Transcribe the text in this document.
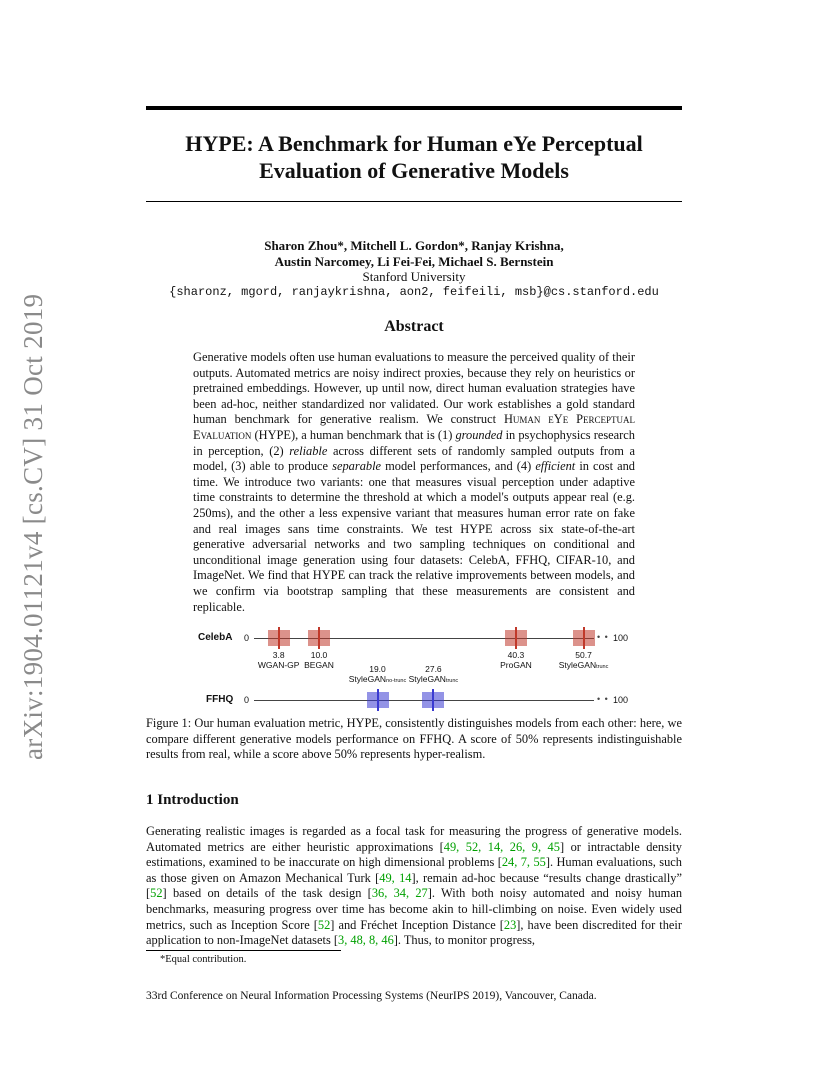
arXiv:1904.01121v4 [cs.CV] 31 Oct 2019
HYPE: A Benchmark for Human eYe Perceptual
Evaluation of Generative Models
Sharon Zhou*, Mitchell L. Gordon*, Ranjay Krishna,
Austin Narcomey, Li Fei-Fei, Michael S. Bernstein
Stanford University
{sharonz, mgord, ranjaykrishna, aon2, feifeili, msb}@cs.stanford.edu
Abstract
Generative models often use human evaluations to measure the perceived quality of their outputs. Automated metrics are noisy indirect proxies, because they rely on heuristics or pretrained embeddings. However, up until now, direct human evaluation strategies have been ad-hoc, neither standardized nor validated. Our work establishes a gold standard human benchmark for generative realism. We construct Human eYe Perceptual Evaluation (HYPE), a human benchmark that is (1) grounded in psychophysics research in perception, (2) reliable across different sets of randomly sampled outputs from a model, (3) able to produce separable model performances, and (4) efficient in cost and time. We introduce two variants: one that measures visual perception under adaptive time constraints to determine the threshold at which a model's outputs appear real (e.g. 250ms), and the other a less expensive variant that measures human error rate on fake and real images sans time constraints. We test HYPE across six state-of-the-art generative adversarial networks and two sampling techniques on conditional and unconditional image generation using four datasets: CelebA, FFHQ, CIFAR-10, and ImageNet. We find that HYPE can track the relative improvements between models, and we confirm via bootstrap sampling that these measurements are consistent and replicable.
CelebA 0	• • 100
FFHQ 0	• • 100
3.8
WGAN-GP
10.0
BEGAN
40.3
ProGAN
50.7
StyleGANtrunc
19.0
StyleGANno-trunc
27.6
StyleGANtrunc
Figure 1: Our human evaluation metric, HYPE, consistently distinguishes models from each other: here, we compare different generative models performance on FFHQ. A score of 50% represents indistinguishable results from real, while a score above 50% represents hyper-realism.
1 Introduction
Generating realistic images is regarded as a focal task for measuring the progress of generative models. Automated metrics are either heuristic approximations [49, 52, 14, 26, 9, 45] or intractable density estimations, examined to be inaccurate on high dimensional problems [24, 7, 55]. Human evaluations, such as those given on Amazon Mechanical Turk [49, 14], remain ad-hoc because “results change drastically” [52] based on details of the task design [36, 34, 27]. With both noisy automated and noisy human benchmarks, measuring progress over time has become akin to hill-climbing on noise. Even widely used metrics, such as Inception Score [52] and Fréchet Inception Distance [23], have been discredited for their application to non-ImageNet datasets [3, 48, 8, 46]. Thus, to monitor progress,
*Equal contribution.
33rd Conference on Neural Information Processing Systems (NeurIPS 2019), Vancouver, Canada.
